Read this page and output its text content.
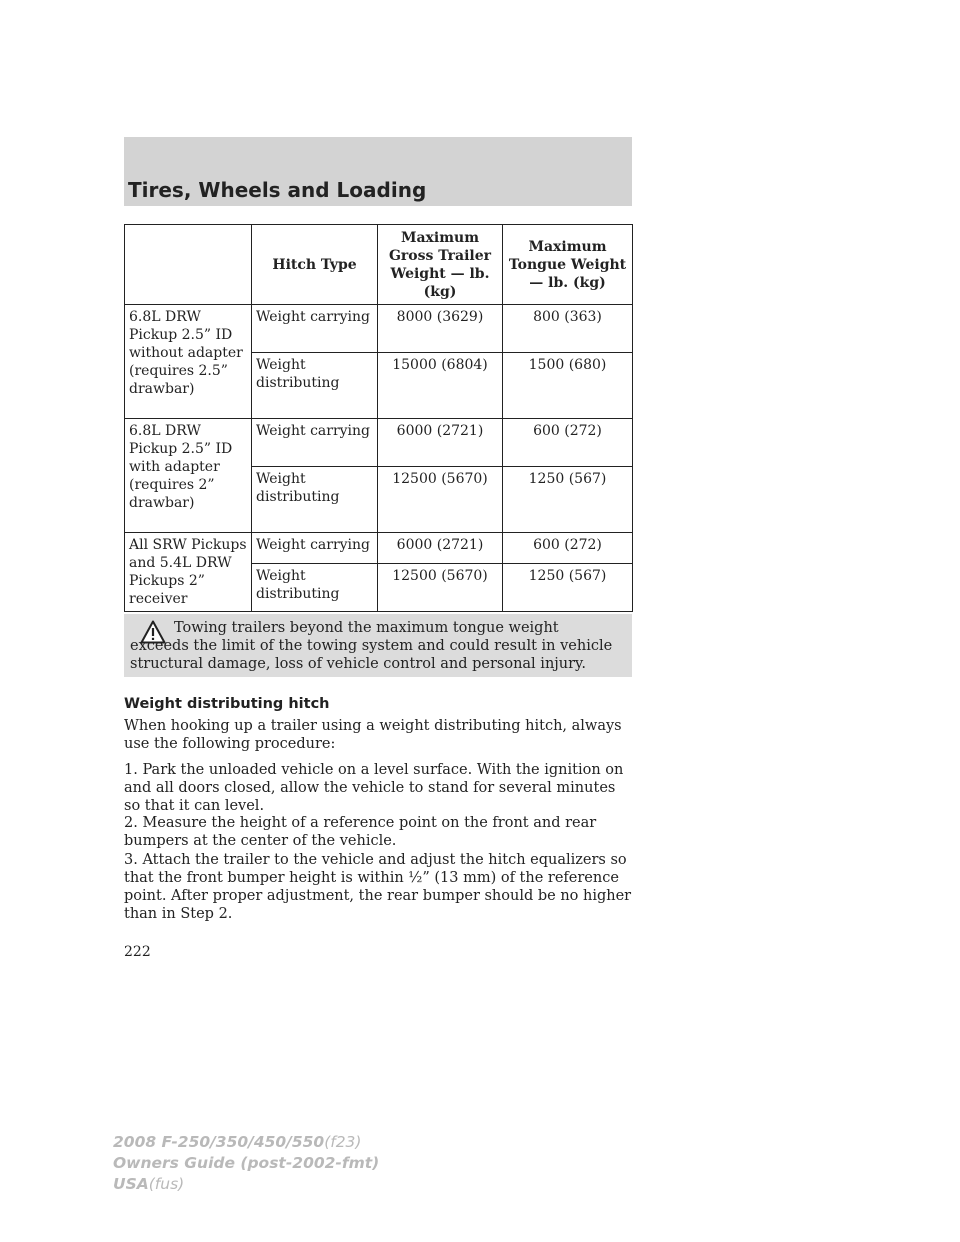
Tires, Wheels and Loading
	Hitch Type	Maximum Gross Trailer Weight — lb. (kg)	Maximum Tongue Weight — lb. (kg)
6.8L DRW Pickup 2.5” ID without adapter (requires 2.5” drawbar)	Weight carrying	8000 (3629)	800 (363)
	Weight distributing	15000 (6804)	1500 (680)
6.8L DRW Pickup 2.5” ID with adapter (requires 2” drawbar)	Weight carrying	6000 (2721)	600 (272)
	Weight distributing	12500 (5670)	1250 (567)
All SRW Pickups and 5.4L DRW Pickups 2” receiver	Weight carrying	6000 (2721)	600 (272)
	Weight distributing	12500 (5670)	1250 (567)

Towing trailers beyond the maximum tongue weight exceeds the limit of the towing system and could result in vehicle structural damage, loss of vehicle control and personal injury.

Weight distributing hitch

When hooking up a trailer using a weight distributing hitch, always use the following procedure:

1. Park the unloaded vehicle on a level surface. With the ignition on and all doors closed, allow the vehicle to stand for several minutes so that it can level.

2. Measure the height of a reference point on the front and rear bumpers at the center of the vehicle.

3. Attach the trailer to the vehicle and adjust the hitch equalizers so that the front bumper height is within ½” (13 mm) of the reference point. After proper adjustment, the rear bumper should be no higher than in Step 2.

222
2008 F-250/350/450/550(f23)
Owners Guide (post-2002-fmt)
USA(fus)
